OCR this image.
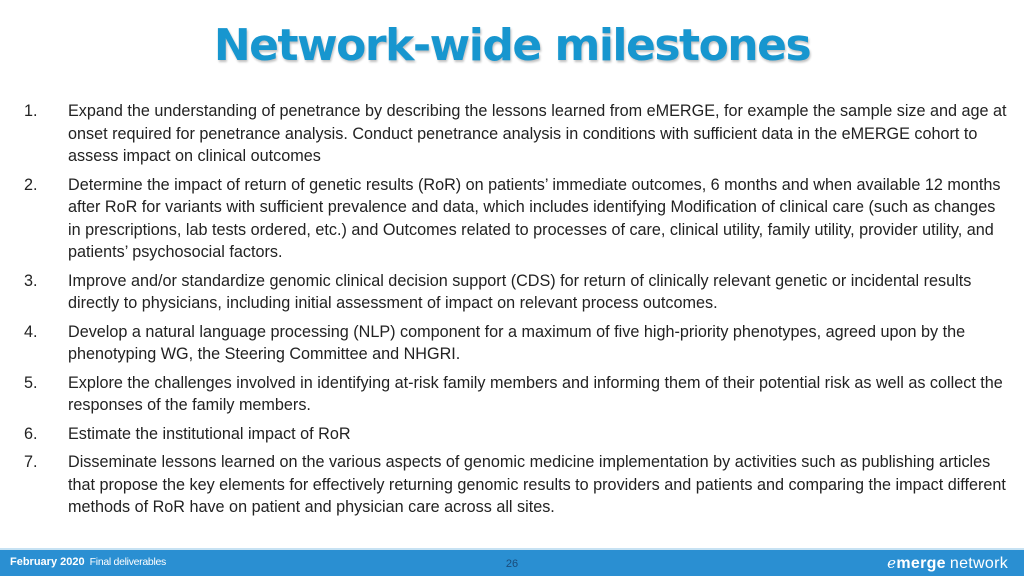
Network-wide milestones
1.	Expand the understanding of penetrance by describing the lessons learned from eMERGE, for example the sample size and age at onset required for penetrance analysis. Conduct penetrance analysis in conditions with sufficient data in the eMERGE cohort to assess impact on clinical outcomes
2.	Determine the impact of return of genetic results (RoR) on patients’ immediate outcomes, 6 months and when available 12 months after RoR for variants with sufficient prevalence and data, which includes identifying Modification of clinical care (such as changes in prescriptions, lab tests ordered, etc.) and Outcomes related to processes of care, clinical utility, family utility, provider utility, and patients’ psychosocial factors.
3.	Improve and/or standardize genomic clinical decision support (CDS) for return of clinically relevant genetic or incidental results directly to physicians, including initial assessment of impact on relevant process outcomes.
4.	Develop a natural language processing (NLP) component for a maximum of five high-priority phenotypes, agreed upon by the phenotyping WG, the Steering Committee and NHGRI.
5.	Explore the challenges involved in identifying at-risk family members and informing them of their potential risk as well as collect the responses of the family members.
6.	Estimate the institutional impact of RoR
7.	Disseminate lessons learned on the various aspects of genomic medicine implementation by activities such as publishing articles that propose the key elements for effectively returning genomic results to providers and patients and comparing the impact different methods of RoR have on patient and physician care across all sites.
February 2020 Final deliverables	emerge network
26
